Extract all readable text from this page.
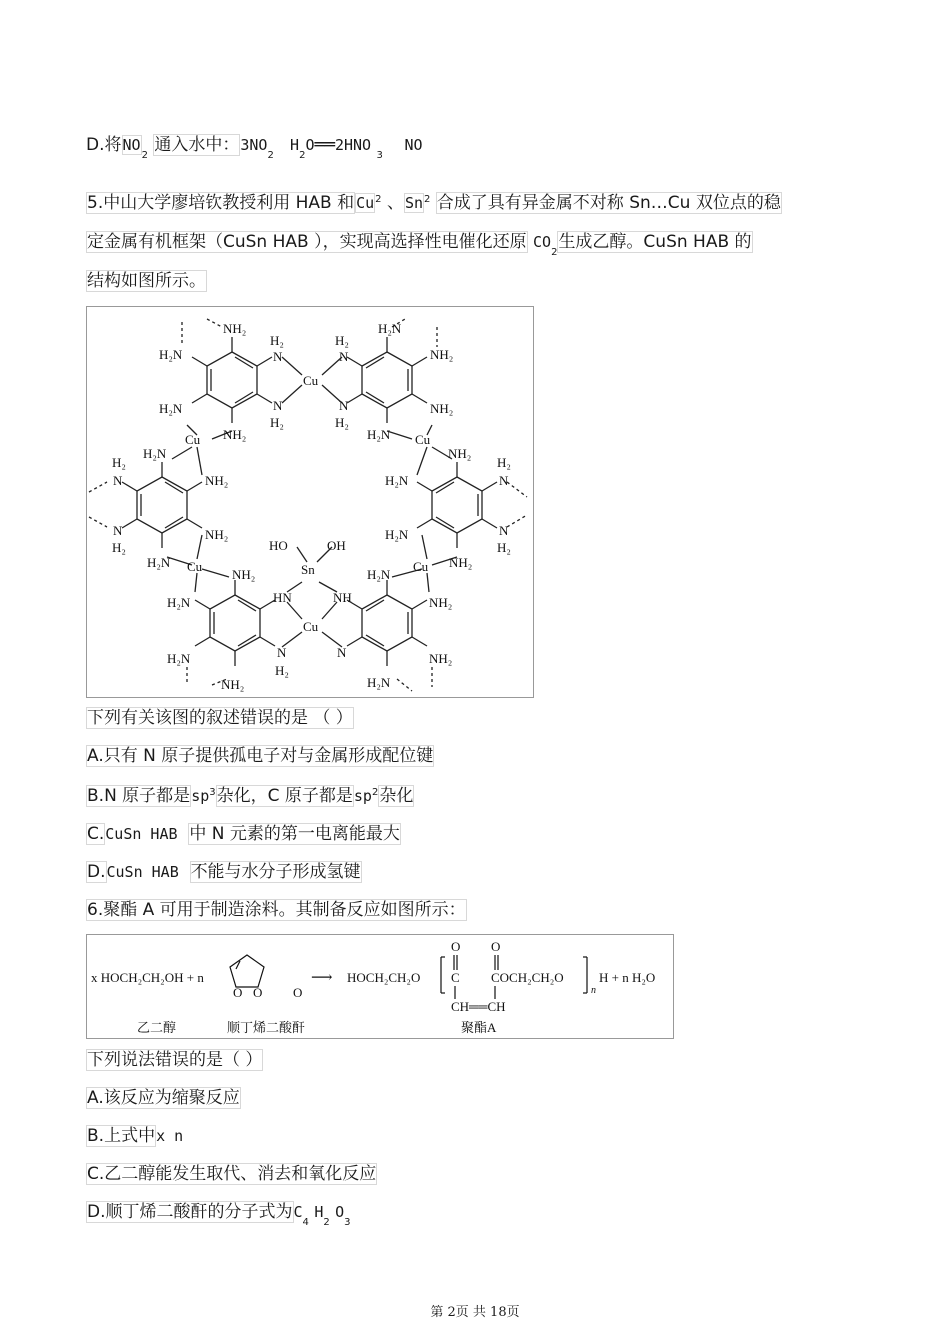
D.将$NO_2$ 通入水中：$3NO_2$   $H_2O══2HNO$ $_3$    NO
5.中山大学廖培钦教授利用 HAB 和 Cu$^2$ 、Sn$^2$ 合成了具有异金属不对称 Sn…Cu 双位点的稳
定金属有机框架（CuSn HAB ），实现高选择性电催化还原 $CO_2$生成乙醇。CuSn HAB 的
结构如图所示。
NH₂
H₂N
H₂N
H₂
N
N
H₂
Cu
H₂N
H₂
N
N
H₂
NH₂
NH₂
Cu NH₂	Cu
H₂N
H₂N
H₂
N	NH₂
N
H₂
NH₂
NH₂
H₂N
H₂
N
H₂N	N
H₂
HO	OH
Sn
HN	NH
H₂N Cu
NH₂
Cu NH₂
H₂N
H₂N
H₂N
NH₂
N
H₂
Cu
N
NH₂
NH₂
H₂N
下列有关该图的叙述错误的是 （ ）
A.只有 N 原子提供孤电子对与金属形成配位键
B.N 原子都是$sp^3$杂化，C 原子都是$sp^2$杂化
C.CuSn HAB 中 N 元素的第一电离能最大
D.CuSn HAB 不能与水分子形成氢键
6.聚酯 A 可用于制造涂料。其制备反应如图所示：
x HOCH₂CH₂OH + n
O O O
⟶ HOCH₂CH₂O C
O
COCH₂CH₂O
O
CH══CH
H + n H₂O
n
乙二醇	顺丁烯二酸酐	聚酯A
下列说法错误的是（ ）
A.该反应为缩聚反应
B.上式中x n
C.乙二醇能发生取代、消去和氧化反应
D.顺丁烯二酸酐的分子式为$C_4$ $H_2$ $O_3$
第 2页 共 18页
